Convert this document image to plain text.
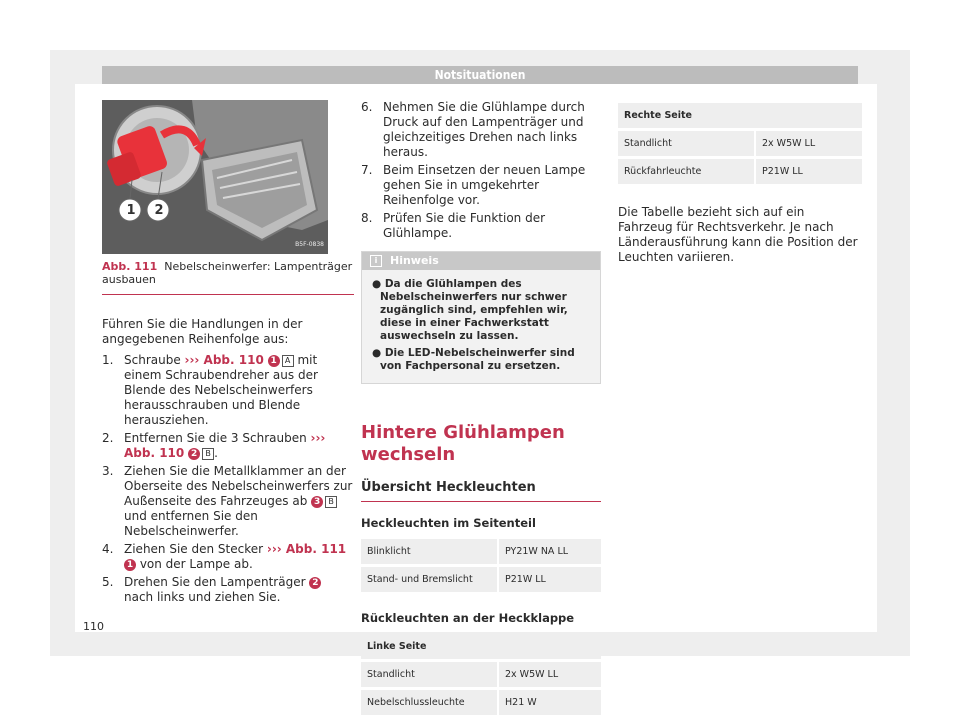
Notsituationen
1 2
B5F-0838
Abb. 111 Nebelscheinwerfer: Lampenträger ausbauen

Führen Sie die Handlungen in der angegebenen Reihenfolge aus:

1. Schraube ››› Abb. 110 1 A mit einem Schraubendreher aus der Blende des Nebelscheinwerfers herausschrauben und Blende herausziehen.
2. Entfernen Sie die 3 Schrauben ››› Abb. 110 2 B .
3. Ziehen Sie die Metallklammer an der Oberseite des Nebelscheinwerfers zur Außenseite des Fahrzeuges ab 3 B und entfernen Sie den Nebelscheinwerfer.
4. Ziehen Sie den Stecker ››› Abb. 111 1 von der Lampe ab.
5. Drehen Sie den Lampenträger 2 nach links und ziehen Sie.
6. Nehmen Sie die Glühlampe durch Druck auf den Lampenträger und gleichzeitiges Drehen nach links heraus.
7. Beim Einsetzen der neuen Lampe gehen Sie in umgekehrter Reihenfolge vor.
8. Prüfen Sie die Funktion der Glühlampe.
i	Hinweis
● Da die Glühlampen des Nebelscheinwerfers nur schwer zugänglich sind, empfehlen wir, diese in einer Fachwerkstatt auswechseln zu lassen.
● Die LED-Nebelscheinwerfer sind von Fachpersonal zu ersetzen.
Hintere Glühlampen wechseln
Übersicht Heckleuchten
Heckleuchten im Seitenteil
Blinklicht	PY21W NA LL
Stand- und Bremslicht	P21W LL
Rückleuchten an der Heckklappe
Linke Seite	
Standlicht	2x W5W LL
Nebelschlussleuchte	H21 W
Rechte Seite	
Standlicht	2x W5W LL
Rückfahrleuchte	P21W LL

Die Tabelle bezieht sich auf ein Fahrzeug für Rechtsverkehr. Je nach Länderausführung kann die Position der Leuchten variieren.

110
